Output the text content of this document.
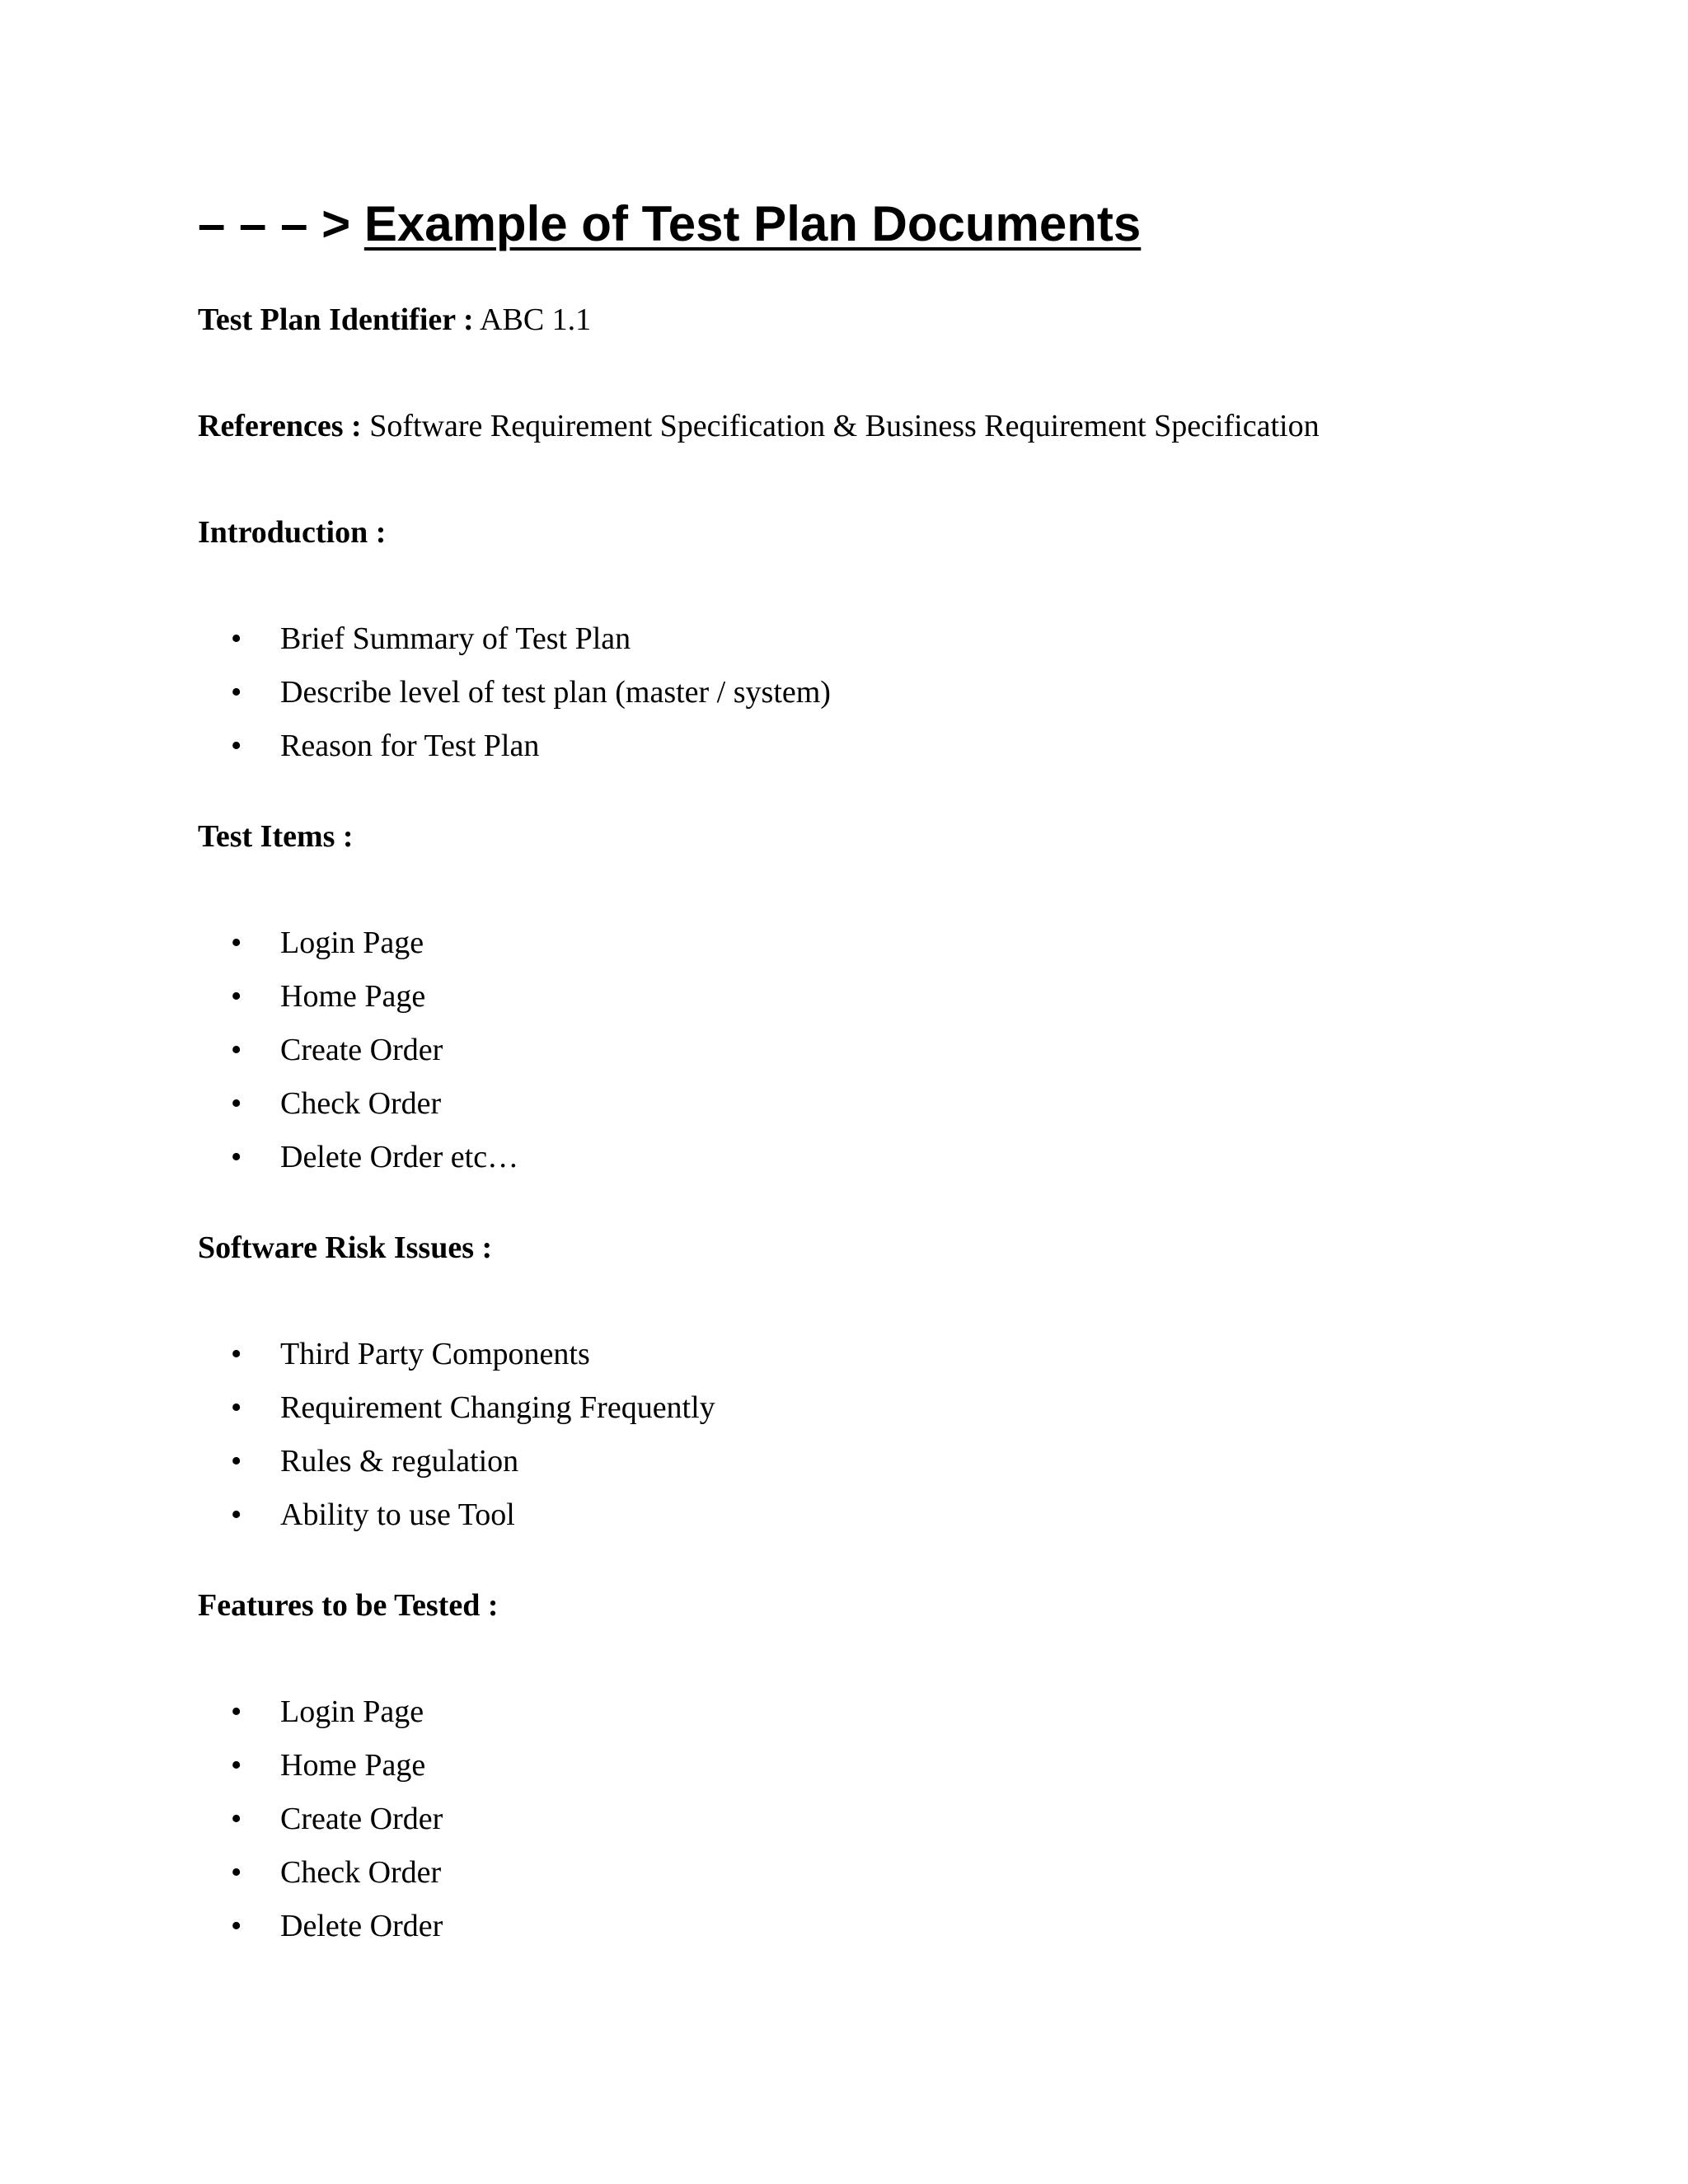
– – – > Example of Test Plan Documents

Test Plan Identifier : ABC 1.1

References : Software Requirement Specification & Business Requirement Specification

Introduction :

• Brief Summary of Test Plan
• Describe level of test plan (master / system)
• Reason for Test Plan

Test Items :

• Login Page
• Home Page
• Create Order
• Check Order
• Delete Order etc…

Software Risk Issues :

• Third Party Components
• Requirement Changing Frequently
• Rules & regulation
• Ability to use Tool

Features to be Tested :

• Login Page
• Home Page
• Create Order
• Check Order
• Delete Order
